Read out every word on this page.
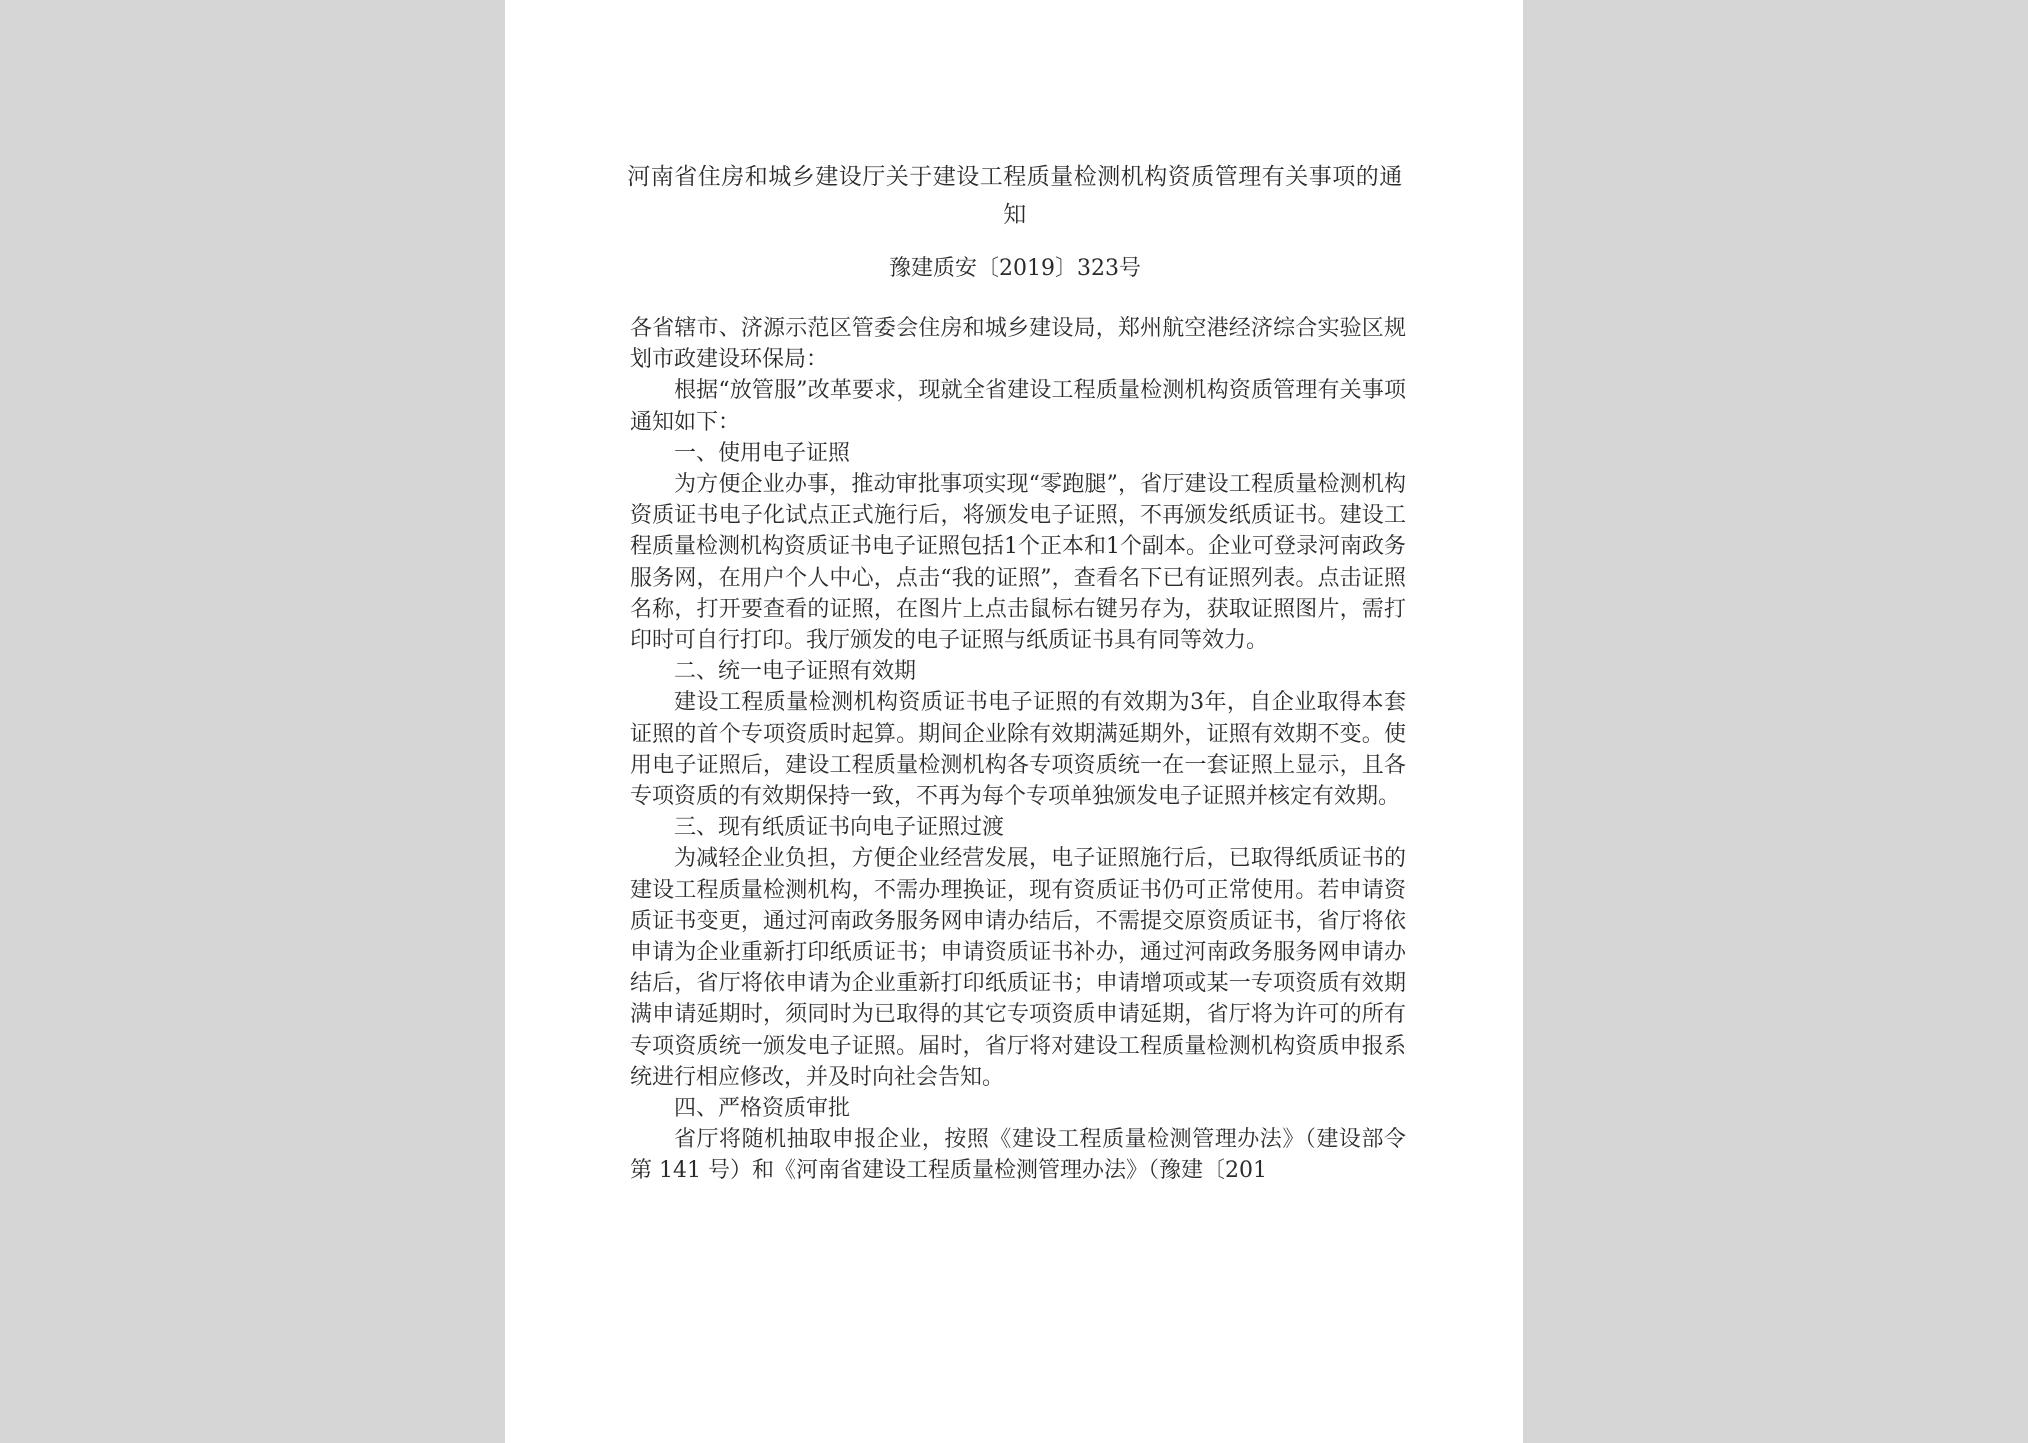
河南省住房和城乡建设厅关于建设工程质量检测机构资质管理有关事项的通知
豫建质安〔2019〕323号

各省辖市、济源示范区管委会住房和城乡建设局，郑州航空港经济综合实验区规划市政建设环保局：

根据“放管服”改革要求，现就全省建设工程质量检测机构资质管理有关事项通知如下：

一、使用电子证照

为方便企业办事，推动审批事项实现“零跑腿”，省厅建设工程质量检测机构资质证书电子化试点正式施行后，将颁发电子证照，不再颁发纸质证书。建设工程质量检测机构资质证书电子证照包括1个正本和1个副本。企业可登录河南政务服务网，在用户个人中心，点击“我的证照”，查看名下已有证照列表。点击证照名称，打开要查看的证照，在图片上点击鼠标右键另存为，获取证照图片，需打印时可自行打印。我厅颁发的电子证照与纸质证书具有同等效力。

二、统一电子证照有效期

建设工程质量检测机构资质证书电子证照的有效期为3年，自企业取得本套证照的首个专项资质时起算。期间企业除有效期满延期外，证照有效期不变。使用电子证照后，建设工程质量检测机构各专项资质统一在一套证照上显示，且各专项资质的有效期保持一致，不再为每个专项单独颁发电子证照并核定有效期。

三、现有纸质证书向电子证照过渡

为减轻企业负担，方便企业经营发展，电子证照施行后，已取得纸质证书的建设工程质量检测机构，不需办理换证，现有资质证书仍可正常使用。若申请资质证书变更，通过河南政务服务网申请办结后，不需提交原资质证书，省厅将依申请为企业重新打印纸质证书；申请资质证书补办，通过河南政务服务网申请办结后，省厅将依申请为企业重新打印纸质证书；申请增项或某一专项资质有效期满申请延期时，须同时为已取得的其它专项资质申请延期，省厅将为许可的所有专项资质统一颁发电子证照。届时，省厅将对建设工程质量检测机构资质申报系统进行相应修改，并及时向社会告知。

四、严格资质审批

省厅将随机抽取申报企业，按照《建设工程质量检测管理办法》（建设部令第 141 号）和《河南省建设工程质量检测管理办法》（豫建〔201
